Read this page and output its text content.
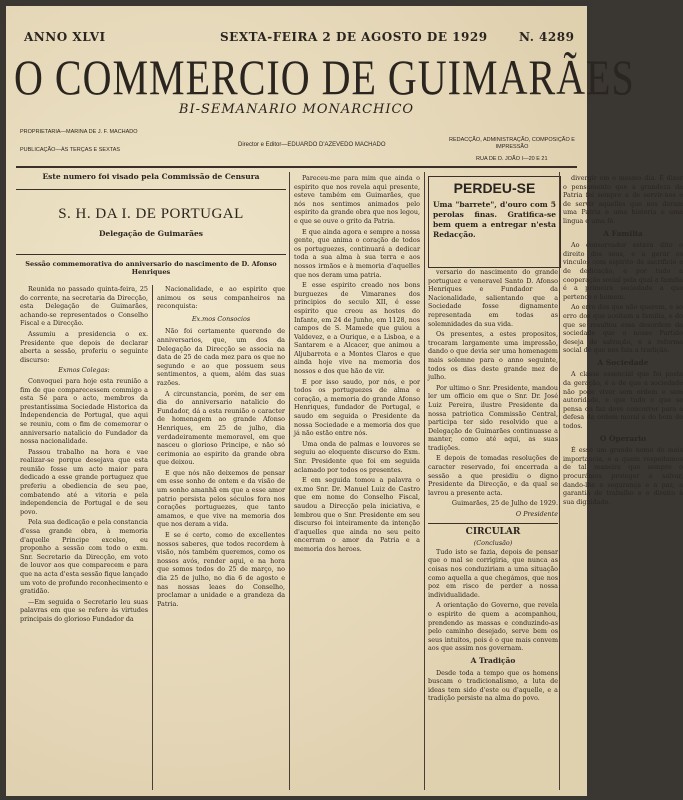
ANNO XLVI	SEXTA-FEIRA 2 DE AGOSTO DE 1929	N. 4289
O COMMERCIO DE GUIMARÃES
BI-SEMANARIO MONARCHICO
PROPRIETARIA—MARINA DE J. F. MACHADO
PUBLICAÇÃO—ÀS TERÇAS E SEXTAS
Director e Editor—EDUARDO D'AZEVEDO MACHADO
REDACÇÃO, ADMINISTRAÇÃO, COMPOSIÇÃO E IMPRESSÃO
RUA DE D. JOÃO I—20 E 21
Este numero foi visado pela Commissão de Censura
S. H. DA I. DE PORTUGAL
Delegação de Guimarães
Sessão commemorativa do anniversario do nascimento de D. Afonso Henriques

Reunida no passado quinta-feira, 25 do corrente, na secretaria da Direcção, esta Delegação de Guimarães, achando-se representados o Conselho Fiscal e a Direcção.

Assumiu a presidencia o ex. Presidente que depois de declarar aberta a sessão, proferiu o seguinte discurso:

Exmos Colegas:

Convoquei para hoje esta reunião a fim de que comparecessem commigo a esta Sé para o acto, membros da prestantíssima Sociedade Historica da Independencia de Portugal, que aqui se reuniu, com o fim de comemorar o anniversario natalicio do Fundador da nossa nacionalidade.

Passou trabalho na hora e vae realizar-se porque desejava que esta reunião fosse um acto maior para dedicado a esse grande portuguez que preferiu a obediencia de seu pae, combatendo até a vitoria e pela independencia de Portugal e de seu povo.

Pela sua dedicação e pela constancia d'essa grande obra, à memoria d'aquelle Principe excelso, eu proponho a sessão com todo o exm. Snr. Secretario da Direcção, em voto de louvor aos que comparecem e para que na acta d'esta sessão fique lançado um voto de profundo reconhecimento e gratidão.

—Em seguida o Secretario leu suas palavras em que se refere às virtudes principais do glorioso Fundador da

Nacionalidade, e ao espirito que animou os seus companheiros na reconquista:

Ex.mos Consocios

Não foi certamente querendo de anniversarios, que, um dos da Delegação da Direcção se associa na data de 25 de cada mez para os que no segundo e ao que possuem seus sentimentos, a quem, além das suas razões.

A circunstancia, porém, de ser em dia do anniversario natalicio do Fundador, dá a esta reunião o caracter de homenagem ao grande Afonso Henriques, em 25 de julho, dia verdadeiramente memoravel, em que nasceu o glorioso Principe, e não só cerimonia ao espirito da grande obra que deixou.

E que nós não deixemos de pensar em esse sonho de ontem e da visão de um sonho amanhã em que a esse amor patrio persista pelos séculos fora nos corações portuguezes, que tanto amamos, e que vive na memoria dos que nos deram a vida.

E se é certo, como de excellentes nossos saberes, que todos recordem à visão, nós também queremos, como os nossos avós, render aqui, e na hora que somos todos do 25 de março, no dia 25 de julho, no dia 6 de agosto e nas nossas leaes do Conselho, proclamar a unidade e a grandeza da Patria.

Pareceu-me para mim que ainda o espirito que nos revela aqui presente, esteve também em Guimarães, que nós nos sentimos animados pelo espirito da grande obra que nos legou, e que se ouve o grito da Patria.

E que ainda agora e sempre a nossa gente, que anima o coração de todos os portuguezes, continuará a dedicar toda a sua alma à sua terra e aos nossos irmãos e à memoria d'aquelles que nos deram uma patria.

E esse espirito creado nos bons burguezes de Vimaranes dos principios do seculo XII, é esse espirito que creou as hostes do Infante, em 24 de Junho, em 1128, nos campos de S. Mamede que guiou a Valdevez, e a Ourique, e a Lisboa, e a Santarem e a Alcacer, que animou a Aljubarrota e a Montes Claros e que ainda hoje vive na memoria dos nossos e dos que hão de vir.

E por isso saudo, por nós, e por todos os portuguezes de alma e coração, a memoria do grande Afonso Henriques, fundador de Portugal, e saudo em seguida o Presidente da nossa Sociedade e a memoria dos que já não estão entre nós.

Uma onda de palmas e louvores se seguiu ao eloquente discurso do Exm. Snr. Presidente que foi em seguida aclamado por todos os presentes.

E em seguida tomou a palavra o ex.mo Snr. Dr. Manuel Luiz de Castro que em nome do Conselho Fiscal, saudou a Direcção pela iniciativa, e lembrou que o Snr. Presidente em seu discurso foi inteiramente da intenção d'aquelles que ainda no seu peito encerram o amor da Patria e a memoria dos heroes.

PERDEU-SE
Uma "barrete", d'ouro com 5 perolas finas. Gratifica-se bem quem a entregar n'esta Redacção.

versario do nascimento do grande portuguez e veneravel Santo D. Afonso Henriques e Fundador da Nacionalidade, salientando que a Sociedade fosse dignamente representada em todas as solemnidades da sua vida.

Os presentes, a estes propositos, trocaram largamente uma impressão, dando o que devia ser uma homenagem mais solemne para o anno seguinte, todos os dias deste grande mez de julho.

Por ultimo o Snr. Presidente, mandou ler um officio em que o Snr. Dr. José Luiz Pereira, ilustre Presidente da nossa patriotica Commissão Central, participa ter sido resolvido que a Delegação de Guimarães continuasse a manter, como até aqui, as suas tradições.

E depois de tomadas resoluções de caracter reservado, foi encerrada a sessão a que presidiu o digno Presidente da Direcção, e da qual se lavrou a presente acta.

Guimarães, 25 de Julho de 1929.

O Presidente

CIRCULAR
(Conclusão)

Tudo isto se fazia, depois de pensar que o mal se corrigiria, que nunca as coisas nos conduziriam a uma situação como aquella a que chegámos, que nos poz em risco de perder a nossa individualidade.

A orientação do Governo, que revela o espirito de quem a acompanhou, prendendo as massas e conduzindo-as pelo caminho desejado, serve bem os seus intuitos, pois é o que mais convem aos que assim nos governam.

A Tradição

Desde toda a tempo que os homens buscam o tradicionalismo, a luta de ideas tem sido d'este ou d'aquelle, e a tradição persiste na alma do povo.

divergir em o mesmo dia. É dizer o pensamento que a grandeza da Patria foi sempre a de servir-nos e de servir aquelles que nos deram uma Patria e uma historia e uma lingua e uma fé.

A Familia

Ao conservador estava dito o direito dos seus, e a gerar os vinculos com espirito de sacrificio e de dedicação, e por tudo a cooperação social pela qual a familia é a primeira sociedade a que pertence o homem.

Ao erro dos que não querem, e ao erro dos que aceitam a familia, e do que se resultou essa desordem da sociedade que o nosso Partido deseja de salvação, e a reforma social de que nos fala a tradição.

A Sociedade

A classe essencial que foi posta da geração, é a de que a sociedade não pode viver sem ordem e sem autoridade, e que tudo o que se pensa ou faz deve concorrer para a defesa da ordem moral e do bem de todos.

O Operario

É esse um grande nome de mais importancia, e a quem respeitamos de tal maneira que sempre o procurámos proteger e salvar, dando-lhe a segurança e a paz, a garantia de trabalho e o direito à sua dignidade.
